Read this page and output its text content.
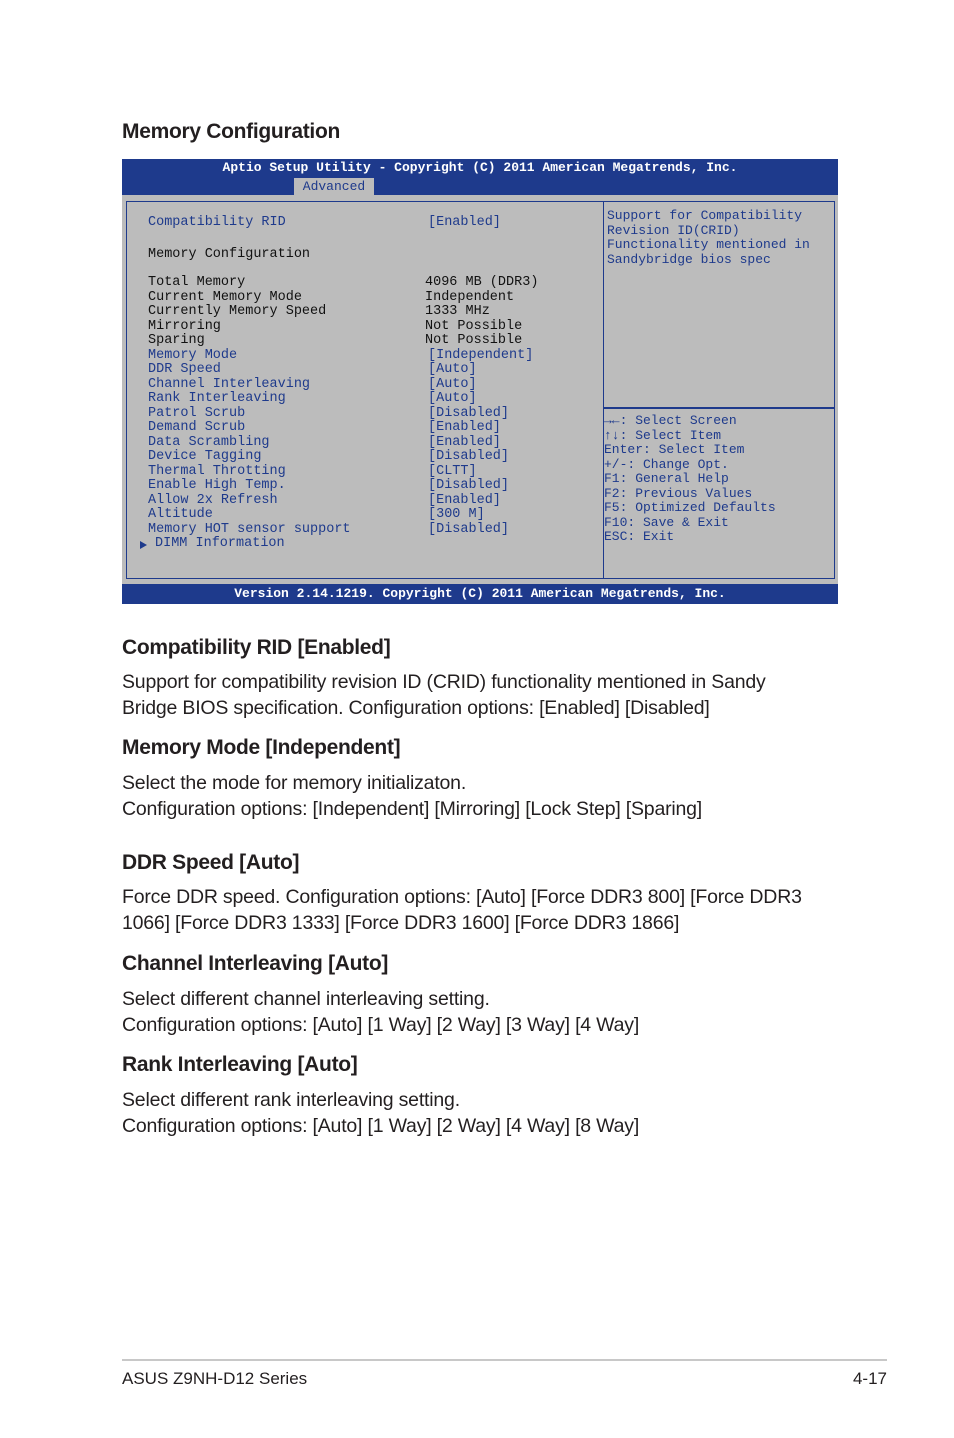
Memory Configuration
Aptio Setup Utility - Copyright (C) 2011 American Megatrends, Inc.
Advanced
Compatibility RID	[Enabled]
Memory Configuration
Total Memory	4096 MB (DDR3)
Current Memory Mode	Independent
Currently Memory Speed	1333 MHz
Mirroring	Not Possible
Sparing	Not Possible
Memory Mode	[Independent]
DDR Speed	[Auto]
Channel Interleaving	[Auto]
Rank Interleaving	[Auto]
Patrol Scrub	[Disabled]
Demand Scrub	[Enabled]
Data Scrambling	[Enabled]
Device Tagging	[Disabled]
Thermal Throtting	[CLTT]
Enable High Temp.	[Disabled]
Allow 2x Refresh	[Enabled]
Altitude	[300 M]
Memory HOT sensor support	[Disabled]
DIMM Information
Support for Compatibility
Revision ID(CRID)
Functionality mentioned in
Sandybridge bios spec
→←: Select Screen
↑↓: Select Item
Enter: Select Item
+/-: Change Opt.
F1: General Help
F2: Previous Values
F5: Optimized Defaults
F10: Save & Exit
ESC: Exit
Version 2.14.1219. Copyright (C) 2011 American Megatrends, Inc.
Compatibility RID [Enabled]
Support for compatibility revision ID (CRID) functionality mentioned in Sandy
Bridge BIOS specification. Configuration options: [Enabled] [Disabled]
Memory Mode [Independent]
Select the mode for memory initializaton.
Configuration options: [Independent] [Mirroring] [Lock Step] [Sparing]
DDR Speed [Auto]
Force DDR speed. Configuration options: [Auto] [Force DDR3 800] [Force DDR3
1066] [Force DDR3 1333] [Force DDR3 1600] [Force DDR3 1866]
Channel Interleaving [Auto]
Select different channel interleaving setting.
Configuration options: [Auto] [1 Way] [2 Way] [3 Way] [4 Way]
Rank Interleaving [Auto]
Select different rank interleaving setting.
Configuration options: [Auto] [1 Way] [2 Way] [4 Way] [8 Way]
ASUS Z9NH-D12 Series	4-17
